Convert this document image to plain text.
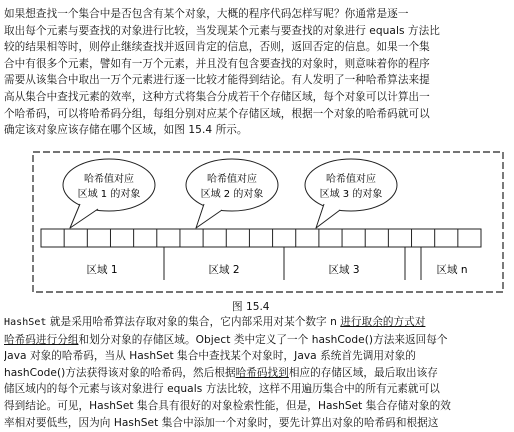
如果想查找一个集合中是否包含有某个对象，大概的程序代码怎样写呢？你通常是逐一
取出每个元素与要查找的对象进行比较，当发现某个元素与要查找的对象进行 equals 方法比
较的结果相等时，则停止继续查找并返回肯定的信息，否则，返回否定的信息。如果一个集
合中有很多个元素，譬如有一万个元素，并且没有包含要查找的对象时，则意味着你的程序
需要从该集合中取出一万个元素进行逐一比较才能得到结论。有人发明了一种哈希算法来提
高从集合中查找元素的效率，这种方式将集合分成若干个存储区域，每个对象可以计算出一
个哈希码，可以将哈希码分组，每组分别对应某个存储区域，根据一个对象的哈希码就可以
确定该对象应该存储在哪个区域，如图 15.4 所示。
哈希值对应
区域 1 的对象
哈希值对应
区域 2 的对象
哈希值对应
区域 3 的对象
区域 1	区域 2	区域 3	区域 n
图 15.4
HashSet 就是采用哈希算法存取对象的集合，它内部采用对某个数字 n 进行取余的方式对
哈希码进行分组和划分对象的存储区域。Object 类中定义了一个 hashCode()方法来返回每个
Java 对象的哈希码，当从 HashSet 集合中查找某个对象时，Java 系统首先调用对象的
hashCode()方法获得该对象的哈希码，然后根据哈希码找到相应的存储区域，最后取出该存
储区域内的每个元素与该对象进行 equals 方法比较，这样不用遍历集合中的所有元素就可以
得到结论。可见，HashSet 集合具有很好的对象检索性能，但是，HashSet 集合存储对象的效
率相对要低些，因为向 HashSet 集合中添加一个对象时，要先计算出对象的哈希码和根据这
